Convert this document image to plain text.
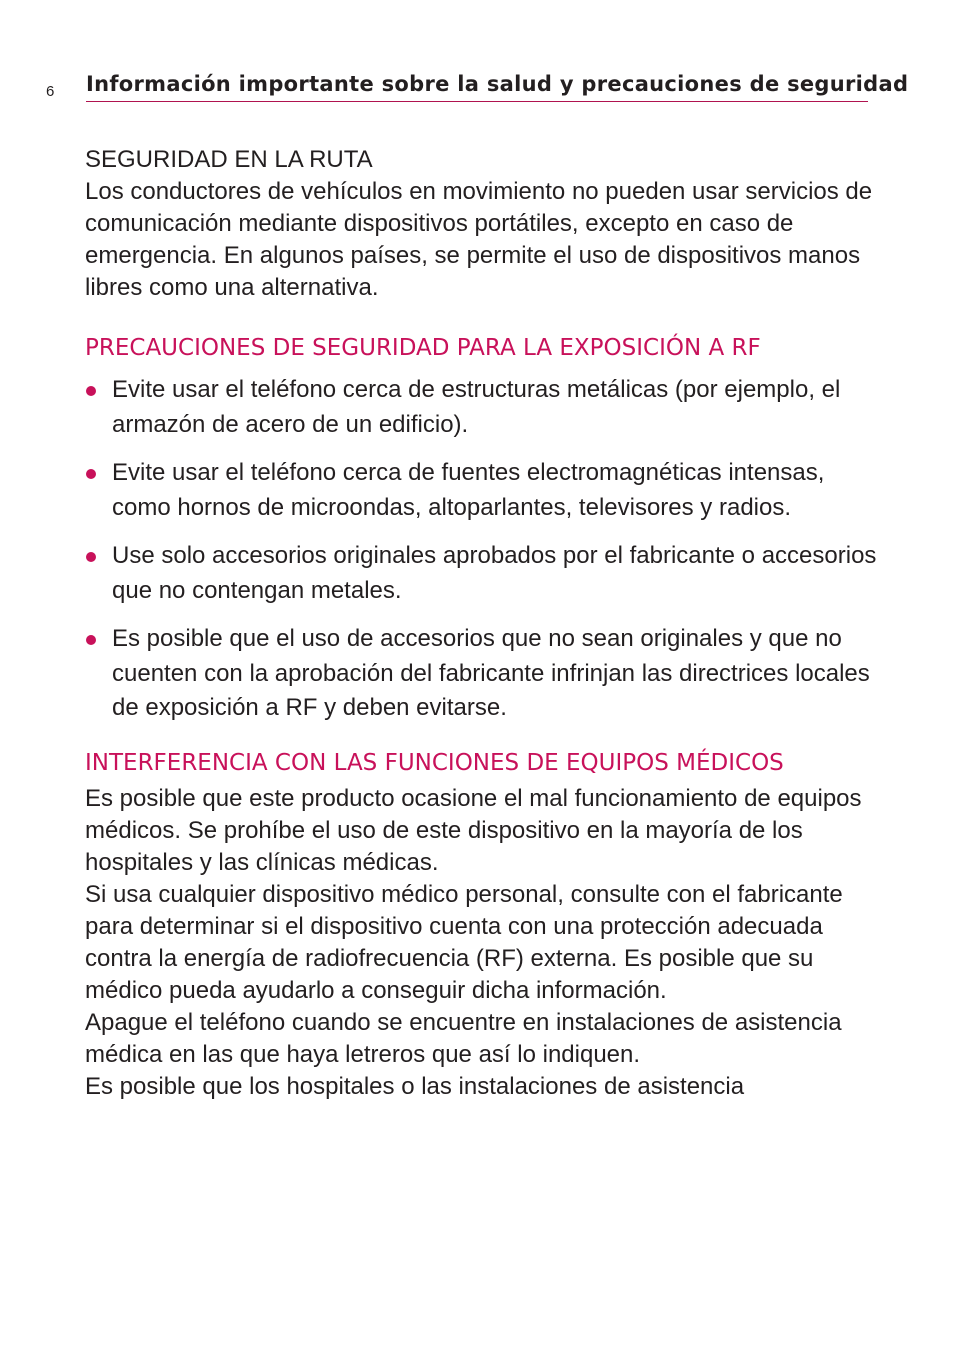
6 Información importante sobre la salud y precauciones de seguridad
SEGURIDAD EN LA RUTA

Los conductores de vehículos en movimiento no pueden usar servicios de comunicación mediante dispositivos portátiles, excepto en caso de emergencia. En algunos países, se permite el uso de dispositivos manos libres como una alternativa.

PRECAUCIONES DE SEGURIDAD PARA LA EXPOSICIÓN A RF
Evite usar el teléfono cerca de estructuras metálicas (por ejemplo, el armazón de acero de un edificio).
Evite usar el teléfono cerca de fuentes electromagnéticas intensas, como hornos de microondas, altoparlantes, televisores y radios.
Use solo accesorios originales aprobados por el fabricante o accesorios que no contengan metales.
Es posible que el uso de accesorios que no sean originales y que no cuenten con la aprobación del fabricante infrinjan las directrices locales de exposición a RF y deben evitarse.
INTERFERENCIA CON LAS FUNCIONES DE EQUIPOS MÉDICOS

Es posible que este producto ocasione el mal funcionamiento de equipos médicos. Se prohíbe el uso de este dispositivo en la mayoría de los hospitales y las clínicas médicas.

Si usa cualquier dispositivo médico personal, consulte con el fabricante para determinar si el dispositivo cuenta con una protección adecuada contra la energía de radiofrecuencia (RF) externa. Es posible que su médico pueda ayudarlo a conseguir dicha información.

Apague el teléfono cuando se encuentre en instalaciones de asistencia médica en las que haya letreros que así lo indiquen.

Es posible que los hospitales o las instalaciones de asistencia
